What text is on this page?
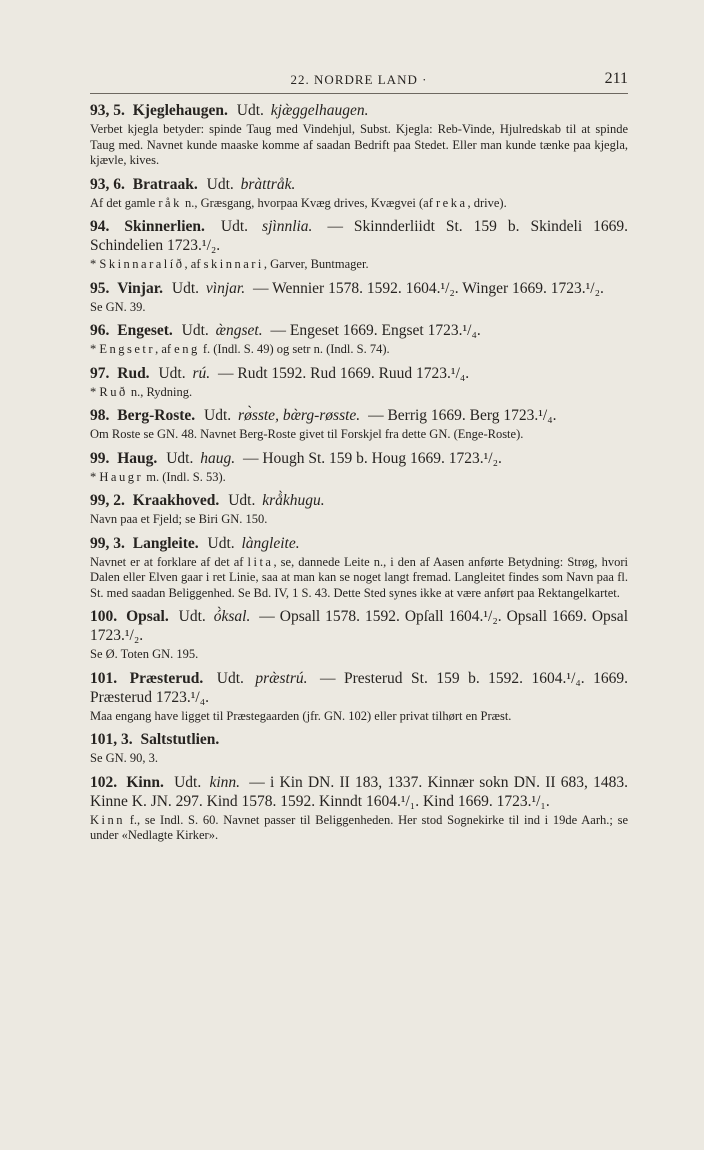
22. NORDRE LAND ·	211
93, 5. Kjeglehaugen. Udt. kjæ̀ggelhaugen.
Verbet kjegla betyder: spinde Taug med Vindehjul, Subst. Kjegla: Reb-Vinde, Hjulredskab til at spinde Taug med. Navnet kunde maaske komme af saadan Bedrift paa Stedet. Eller man kunde tænke paa kjegla, kjævle, kives.
93, 6. Bratraak. Udt. bràttråk.
Af det gamle råk n., Græsgang, hvorpaa Kvæg drives, Kvægvei (af reka, drive).
94. Skinnerlien. Udt. sjìnnlia. — Skinnderliidt St. 159 b. Skindeli 1669. Schindelien 1723.¹/₂.
* Skinnaralíð, af skinnari, Garver, Buntmager.
95. Vinjar. Udt. vìnjar. — Wennier 1578. 1592. 1604.¹/₂. Winger 1669. 1723.¹/₂.
Se GN. 39.
96. Engeset. Udt. æ̀ngset. — Engeset 1669. Engset 1723.¹/₄.
* Engsetr, af eng f. (Indl. S. 49) og setr n. (Indl. S. 74).
97. Rud. Udt. rú. — Rudt 1592. Rud 1669. Ruud 1723.¹/₄.
* Ruð n., Rydning.
98. Berg-Roste. Udt. rø̀sste, bæ̀rg-røsste. — Berrig 1669. Berg 1723.¹/₄.
Om Roste se GN. 48. Navnet Berg-Roste givet til Forskjel fra dette GN. (Enge-Roste).
99. Haug. Udt. haug. — Hough St. 159 b. Houg 1669. 1723.¹/₂.
* Haugr m. (Indl. S. 53).
99, 2. Kraakhoved. Udt. krå̀khugu.
Navn paa et Fjeld; se Biri GN. 150.
99, 3. Langleite. Udt. làngleite.
Navnet er at forklare af det af lita, se, dannede Leite n., i den af Aasen anførte Betydning: Strøg, hvori Dalen eller Elven gaar i ret Linie, saa at man kan se noget langt fremad. Langleitet findes som Navn paa fl. St. med saadan Beliggenhed. Se Bd. IV, 1 S. 43. Dette Sted synes ikke at være anført paa Rektangelkartet.
100. Opsal. Udt. ó̀ksal. — Opsall 1578. 1592. Opſall 1604.¹/₂. Opsall 1669. Opsal 1723.¹/₂.
Se Ø. Toten GN. 195.
101. Præsterud. Udt. præ̀strú. — Presterud St. 159 b. 1592. 1604.¹/₄. 1669. Præsterud 1723.¹/₄.
Maa engang have ligget til Præstegaarden (jfr. GN. 102) eller privat tilhørt en Præst.
101, 3. Saltstutlien.
Se GN. 90, 3.
102. Kinn. Udt. kinn. — i Kin DN. II 183, 1337. Kinnær sokn DN. II 683, 1483. Kinne K. JN. 297. Kind 1578. 1592. Kinndt 1604.¹/₁. Kind 1669. 1723.¹/₁.
Kinn f., se Indl. S. 60. Navnet passer til Beliggenheden. Her stod Sognekirke til ind i 19de Aarh.; se under «Nedlagte Kirker».
